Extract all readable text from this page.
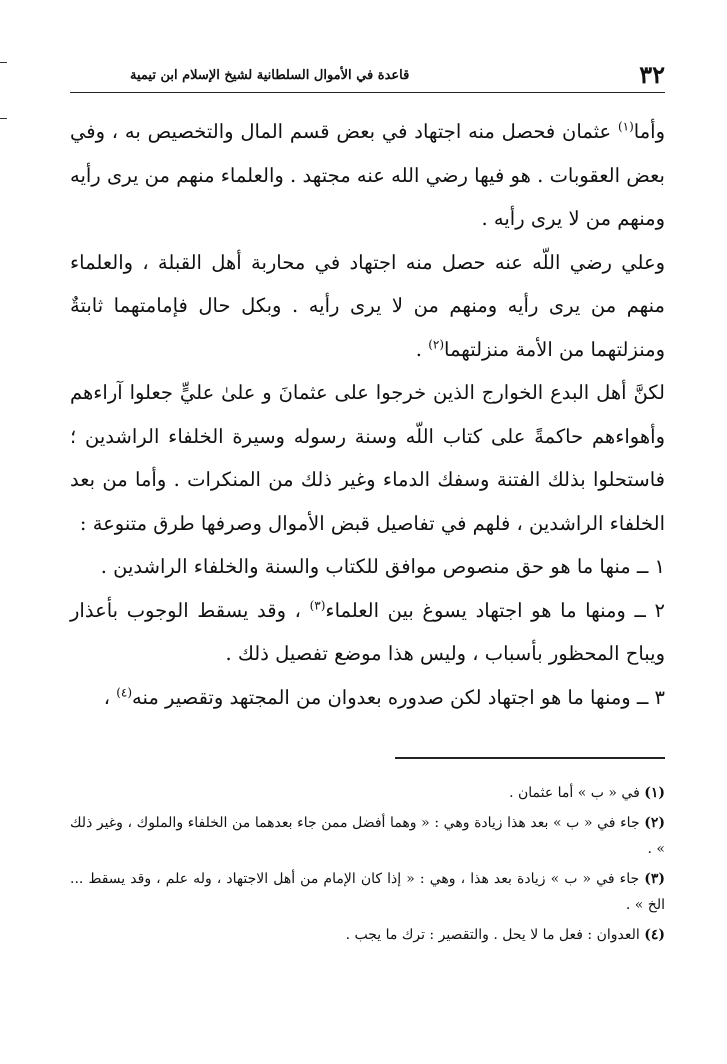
٣٢
قاعدة في الأموال السلطانية لشيخ الإسلام ابن تيمية

وأما$^{(١)}$ عثمان فحصل منه اجتهاد في بعض قسم المال والتخصيص به ، وفي بعض العقوبات . هو فيها رضي الله عنه مجتهد . والعلماء منهم من يرى رأيه ومنهم من لا يرى رأيه .

وعلي رضي اللّه عنه حصل منه اجتهاد في محاربة أهل القبلة ، والعلماء منهم من يرى رأيه ومنهم من لا يرى رأيه . وبكل حال فإمامتهما ثابتةٌ ومنزلتهما من الأمة منزلتهما$^{(٢)}$ .

لكنَّ أهل البدع الخوارج الذين خرجوا على عثمانَ و علىٰ عليٍّ جعلوا آراءهم وأهواءهم حاكمةً على كتاب اللّه وسنة رسوله وسيرة الخلفاء الراشدين ؛ فاستحلوا بذلك الفتنة وسفك الدماء وغير ذلك من المنكرات . وأما من بعد الخلفاء الراشدين ، فلهم في تفاصيل قبض الأموال وصرفها طرق متنوعة :

١ ــ منها ما هو حق منصوص موافق للكتاب والسنة والخلفاء الراشدين .

٢ ــ ومنها ما هو اجتهاد يسوغ بين العلماء$^{(٣)}$ ، وقد يسقط الوجوب بأعذار ويباح المحظور بأسباب ، وليس هذا موضع تفصيل ذلك .

٣ ــ ومنها ما هو اجتهاد لكن صدوره بعدوان من المجتهد وتقصير منه$^{(٤)}$ ،

(١) في « ب » أما عثمان .

(٢) جاء في « ب » بعد هذا زيادة وهي : « وهما أفضل ممن جاء بعدهما من الخلفاء والملوك ، وغير ذلك » .

(٣) جاء في « ب » زيادة بعد هذا ، وهي : « إذا كان الإمام من أهل الاجتهاد ، وله علم ، وقد يسقط ... الخ » .

(٤) العدوان : فعل ما لا يحل . والتقصير : ترك ما يجب .
